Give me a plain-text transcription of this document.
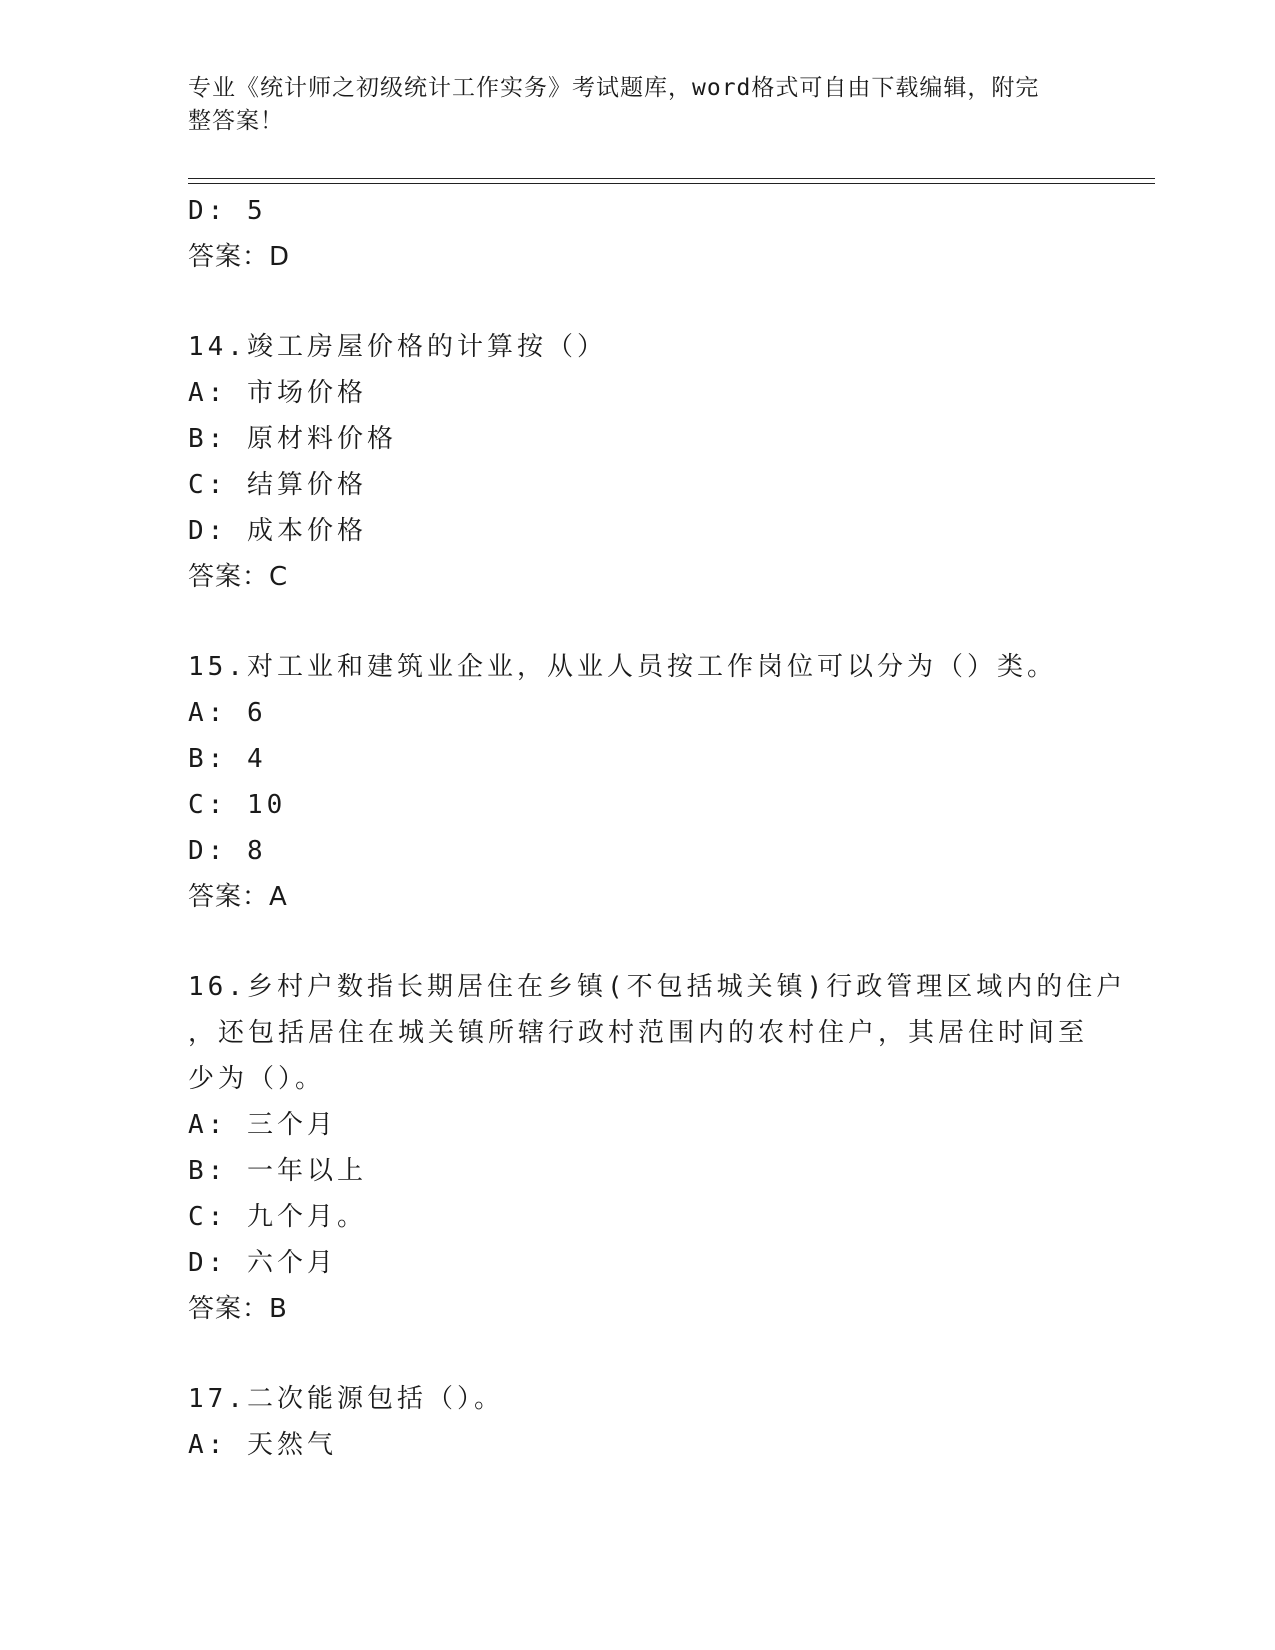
专业《统计师之初级统计工作实务》考试题库，word格式可自由下载编辑，附完
整答案！
D: 5
答案：D
14.竣工房屋价格的计算按（）
A: 市场价格
B: 原材料价格
C: 结算价格
D: 成本价格
答案：C
15.对工业和建筑业企业，从业人员按工作岗位可以分为（）类。
A: 6
B: 4
C: 10
D: 8
答案：A
16.乡村户数指长期居住在乡镇(不包括城关镇)行政管理区域内的住户
，还包括居住在城关镇所辖行政村范围内的农村住户，其居住时间至
少为（）。
A: 三个月
B: 一年以上
C: 九个月。
D: 六个月
答案：B
17.二次能源包括（）。
A: 天然气
